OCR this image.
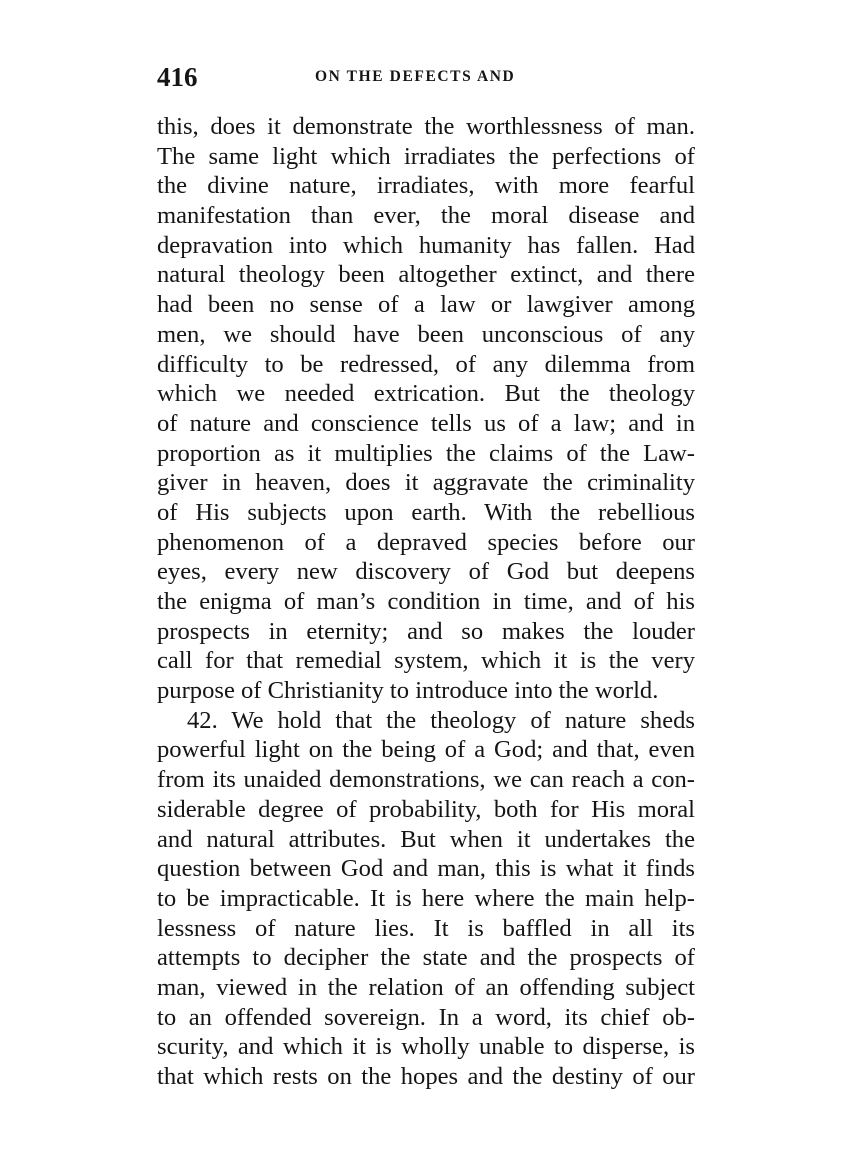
416	ON THE DEFECTS AND
this, does it demonstrate the worthlessness of man.
The same light which irradiates the perfections of
the divine nature, irradiates, with more fearful
manifestation than ever, the moral disease and
depravation into which humanity has fallen. Had
natural theology been altogether extinct, and there
had been no sense of a law or lawgiver among
men, we should have been unconscious of any
difficulty to be redressed, of any dilemma from
which we needed extrication. But the theology
of nature and conscience tells us of a law; and in
proportion as it multiplies the claims of the Law-
giver in heaven, does it aggravate the criminality
of His subjects upon earth. With the rebellious
phenomenon of a depraved species before our
eyes, every new discovery of God but deepens
the enigma of man’s condition in time, and of his
prospects in eternity; and so makes the louder
call for that remedial system, which it is the very
purpose of Christianity to introduce into the world.
42. We hold that the theology of nature sheds
powerful light on the being of a God; and that, even
from its unaided demonstrations, we can reach a con-
siderable degree of probability, both for His moral
and natural attributes. But when it undertakes the
question between God and man, this is what it finds
to be impracticable. It is here where the main help-
lessness of nature lies. It is baffled in all its
attempts to decipher the state and the prospects of
man, viewed in the relation of an offending subject
to an offended sovereign. In a word, its chief ob-
scurity, and which it is wholly unable to disperse, is
that which rests on the hopes and the destiny of our
